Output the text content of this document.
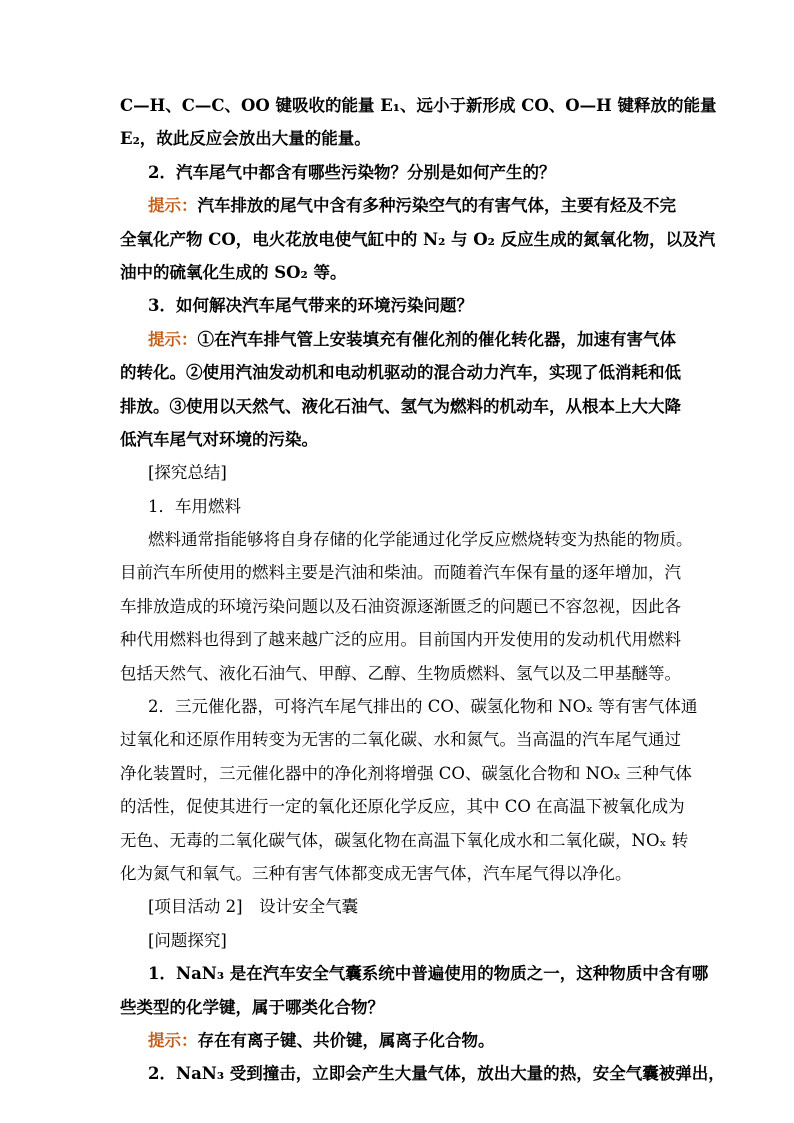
C—H、C—C、OO 键吸收的能量 E₁、远小于新形成 CO、O—H 键释放的能量
E₂，故此反应会放出大量的能量。
2．汽车尾气中都含有哪些污染物？分别是如何产生的？
提示：汽车排放的尾气中含有多种污染空气的有害气体，主要有烃及不完
全氧化产物 CO，电火花放电使气缸中的 N₂ 与 O₂ 反应生成的氮氧化物，以及汽
油中的硫氧化生成的 SO₂ 等。
3．如何解决汽车尾气带来的环境污染问题？
提示：①在汽车排气管上安装填充有催化剂的催化转化器，加速有害气体
的转化。②使用汽油发动机和电动机驱动的混合动力汽车，实现了低消耗和低
排放。③使用以天然气、液化石油气、氢气为燃料的机动车，从根本上大大降
低汽车尾气对环境的污染。
[探究总结]
1．车用燃料
燃料通常指能够将自身存储的化学能通过化学反应燃烧转变为热能的物质。
目前汽车所使用的燃料主要是汽油和柴油。而随着汽车保有量的逐年增加，汽
车排放造成的环境污染问题以及石油资源逐渐匮乏的问题已不容忽视，因此各
种代用燃料也得到了越来越广泛的应用。目前国内开发使用的发动机代用燃料
包括天然气、液化石油气、甲醇、乙醇、生物质燃料、氢气以及二甲基醚等。
2．三元催化器，可将汽车尾气排出的 CO、碳氢化物和 NOₓ 等有害气体通
过氧化和还原作用转变为无害的二氧化碳、水和氮气。当高温的汽车尾气通过
净化装置时，三元催化器中的净化剂将增强 CO、碳氢化合物和 NOₓ 三种气体
的活性，促使其进行一定的氧化还原化学反应，其中 CO 在高温下被氧化成为
无色、无毒的二氧化碳气体，碳氢化物在高温下氧化成水和二氧化碳，NOₓ 转
化为氮气和氧气。三种有害气体都变成无害气体，汽车尾气得以净化。
[项目活动 2]　设计安全气囊
[问题探究]
1．NaN₃ 是在汽车安全气囊系统中普遍使用的物质之一，这种物质中含有哪
些类型的化学键，属于哪类化合物？
提示：存在有离子键、共价键，属离子化合物。
2．NaN₃ 受到撞击，立即会产生大量气体，放出大量的热，安全气囊被弹出，
